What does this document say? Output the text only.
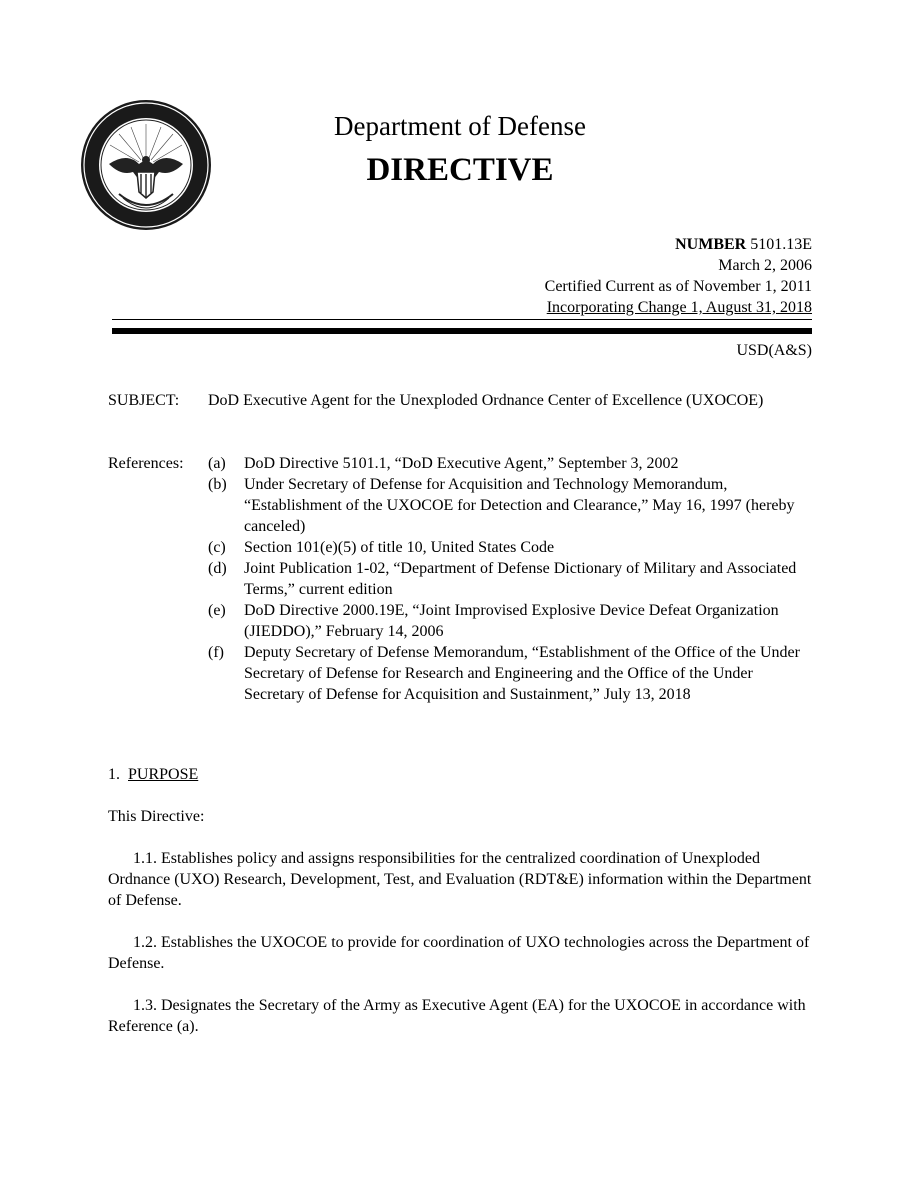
Department of Defense
DIRECTIVE
NUMBER 5101.13E
March 2, 2006
Certified Current as of November 1, 2011
Incorporating Change 1, August 31, 2018
USD(A&S)
SUBJECT: DoD Executive Agent for the Unexploded Ordnance Center of Excellence (UXOCOE)
References: (a) DoD Directive 5101.1, “DoD Executive Agent,” September 3, 2002
(b) Under Secretary of Defense for Acquisition and Technology Memorandum, “Establishment of the UXOCOE for Detection and Clearance,” May 16, 1997 (hereby canceled)
(c) Section 101(e)(5) of title 10, United States Code
(d) Joint Publication 1-02, “Department of Defense Dictionary of Military and Associated Terms,” current edition
(e) DoD Directive 2000.19E, “Joint Improvised Explosive Device Defeat Organization (JIEDDO),” February 14, 2006
(f) Deputy Secretary of Defense Memorandum, “Establishment of the Office of the Under Secretary of Defense for Research and Engineering and the Office of the Under Secretary of Defense for Acquisition and Sustainment,” July 13, 2018

1. PURPOSE

This Directive:

1.1. Establishes policy and assigns responsibilities for the centralized coordination of Unexploded Ordnance (UXO) Research, Development, Test, and Evaluation (RDT&E) information within the Department of Defense.

1.2. Establishes the UXOCOE to provide for coordination of UXO technologies across the Department of Defense.

1.3. Designates the Secretary of the Army as Executive Agent (EA) for the UXOCOE in accordance with Reference (a).
